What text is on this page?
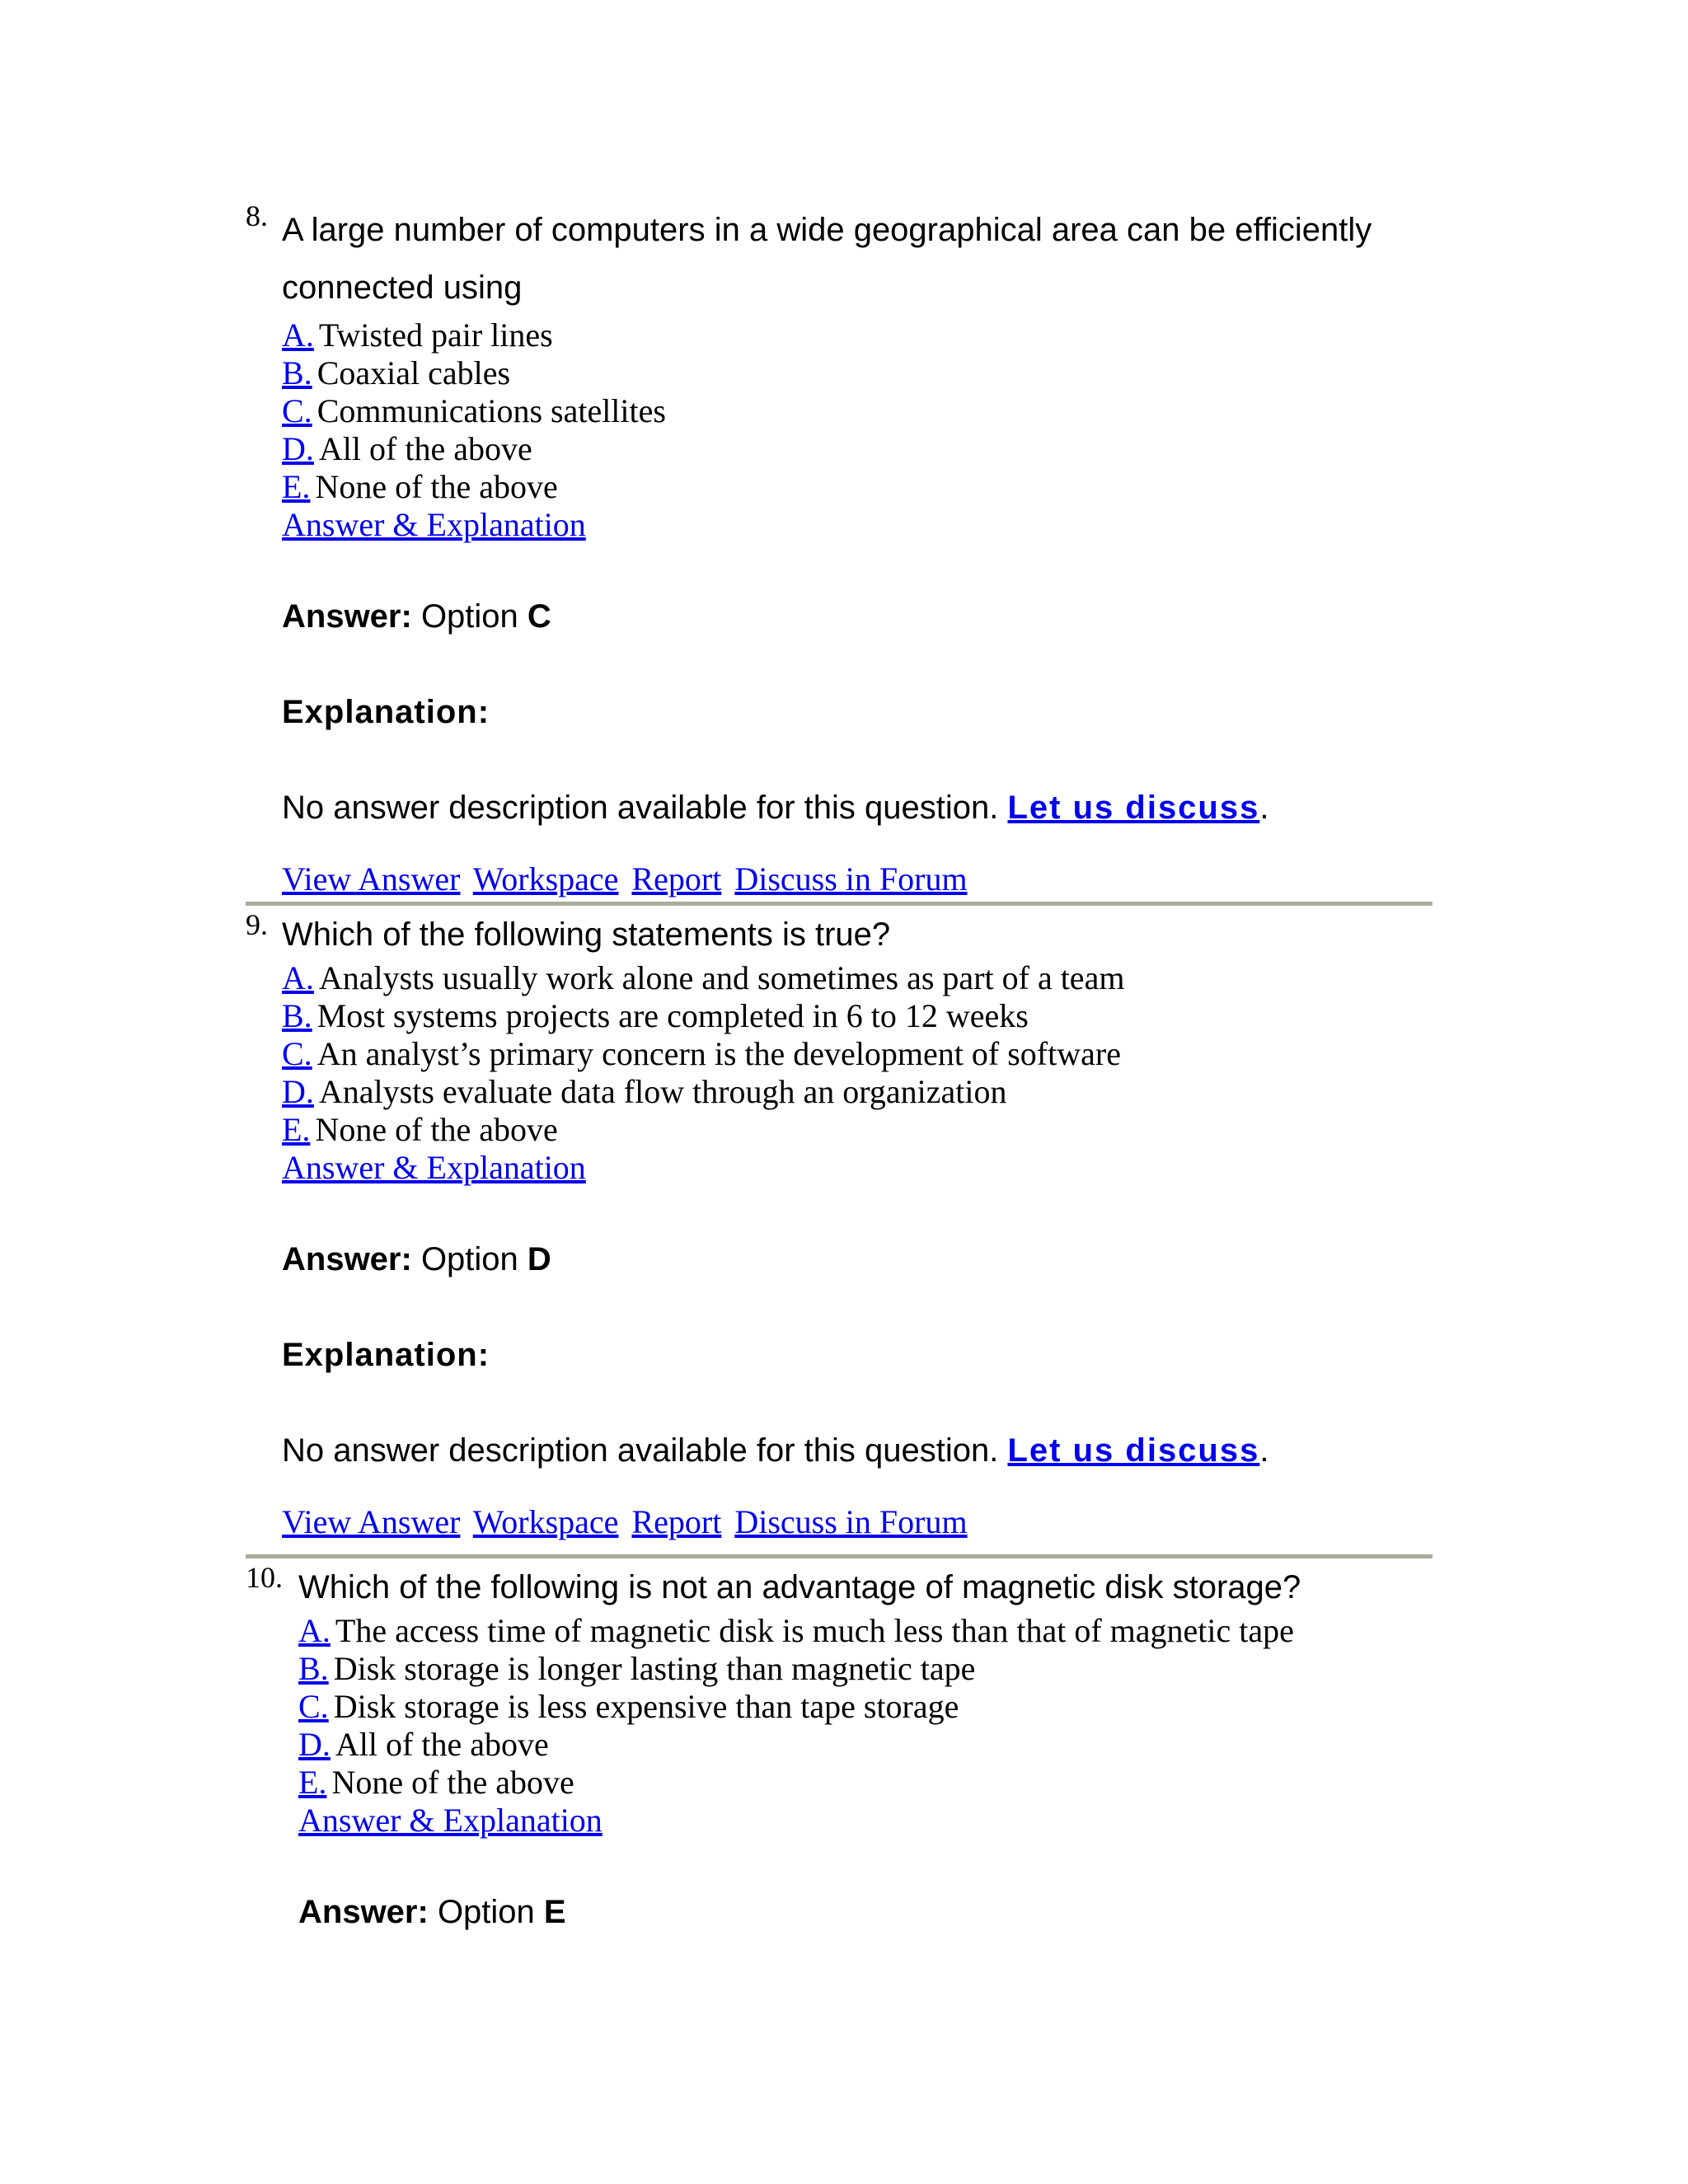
8. A large number of computers in a wide geographical area can be efficiently
connected using
A. Twisted pair lines
B. Coaxial cables
C. Communications satellites
D. All of the above
E. None of the above
Answer & Explanation
Answer: Option C
Explanation:
No answer description available for this question. Let us discuss.
View Answer Workspace Report Discuss in Forum
9. Which of the following statements is true?
A. Analysts usually work alone and sometimes as part of a team
B. Most systems projects are completed in 6 to 12 weeks
C. An analyst’s primary concern is the development of software
D. Analysts evaluate data flow through an organization
E. None of the above
Answer & Explanation
Answer: Option D
Explanation:
No answer description available for this question. Let us discuss.
View Answer Workspace Report Discuss in Forum
10. Which of the following is not an advantage of magnetic disk storage?
A. The access time of magnetic disk is much less than that of magnetic tape
B. Disk storage is longer lasting than magnetic tape
C. Disk storage is less expensive than tape storage
D. All of the above
E. None of the above
Answer & Explanation
Answer: Option E
